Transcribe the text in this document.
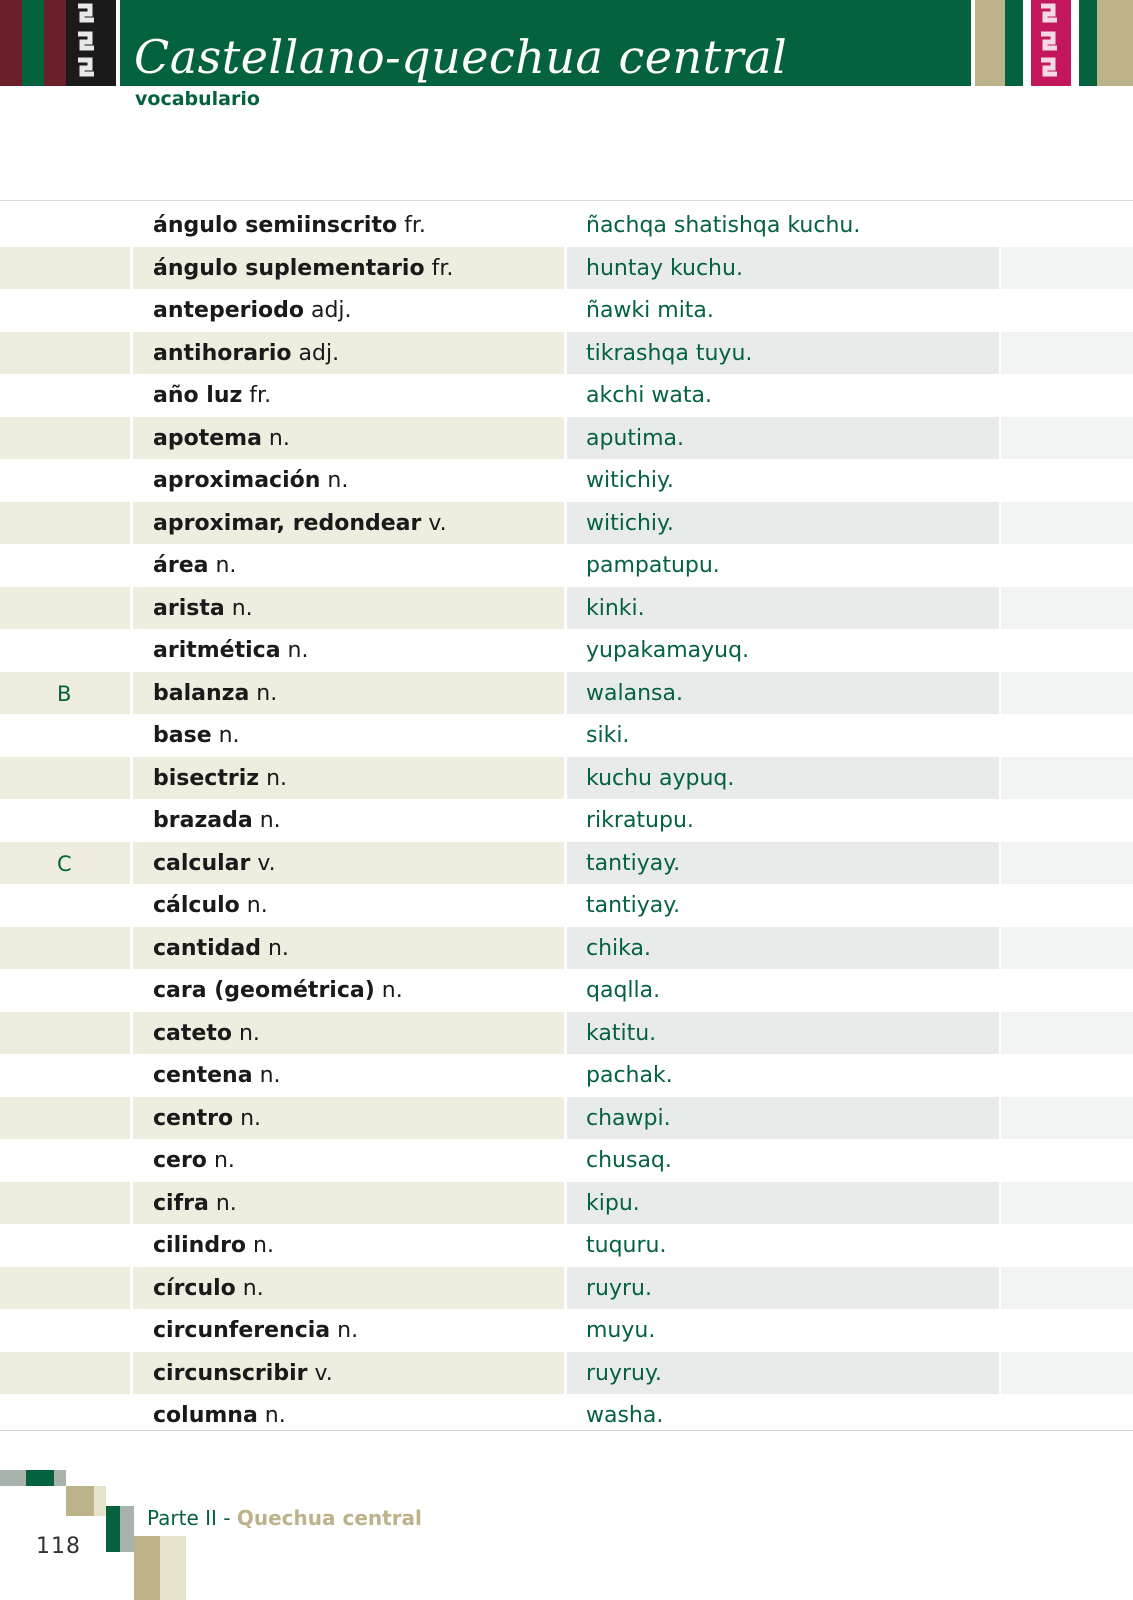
Castellano-quechua central
vocabulario
ángulo semiinscrito fr.	ñachqa shatishqa kuchu.
ángulo suplementario fr.	huntay kuchu.
anteperiodo adj.	ñawki mita.
antihorario adj.	tikrashqa tuyu.
año luz fr.	akchi wata.
apotema n.	aputima.
aproximación n.	witichiy.
aproximar, redondear v.	witichiy.
área n.	pampatupu.
arista n.	kinki.
aritmética n.	yupakamayuq.
B	balanza n.	walansa.
base n.	siki.
bisectriz n.	kuchu aypuq.
brazada n.	rikratupu.
C	calcular v.	tantiyay.
cálculo n.	tantiyay.
cantidad n.	chika.
cara (geométrica) n.	qaqlla.
cateto n.	katitu.
centena n.	pachak.
centro n.	chawpi.
cero n.	chusaq.
cifra n.	kipu.
cilindro n.	tuquru.
círculo n.	ruyru.
circunferencia n.	muyu.
circunscribir v.	ruyruy.
columna n.	washa.
Parte II - Quechua central
118
